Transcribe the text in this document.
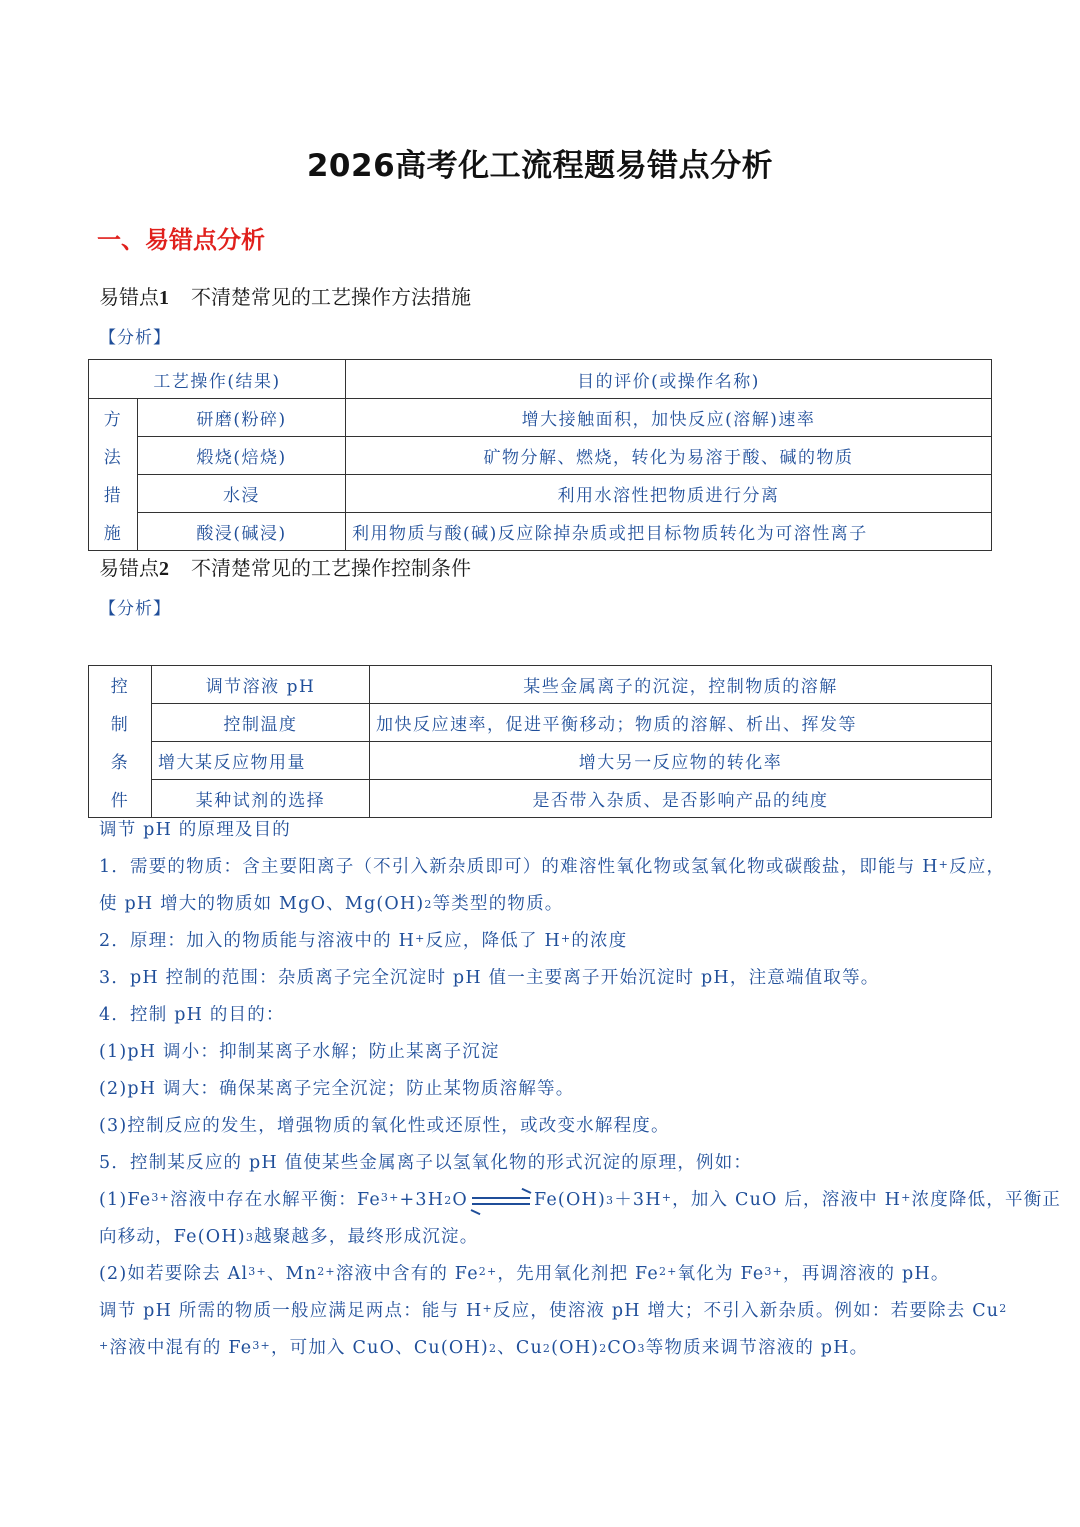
2026高考化工流程题易错点分析
一、易错点分析
易错点1 不清楚常见的工艺操作方法措施
【分析】
工艺操作(结果)		目的评价(或操作名称)

方
法
措
施	研磨(粉碎)	增大接触面积，加快反应(溶解)速率
	煅烧(焙烧)	矿物分解、燃烧，转化为易溶于酸、碱的物质
	水浸	利用水溶性把物质进行分离
	酸浸(碱浸)	利用物质与酸(碱)反应除掉杂质或把目标物质转化为可溶性离子
易错点2 不清楚常见的工艺操作控制条件
【分析】
控
制
条
件	调节溶液 pH	某些金属离子的沉淀，控制物质的溶解
	控制温度	加快反应速率，促进平衡移动；物质的溶解、析出、挥发等
	增大某反应物用量	增大另一反应物的转化率
	某种试剂的选择	是否带入杂质、是否影响产品的纯度
调节 pH 的原理及目的
1．需要的物质：含主要阳离子（不引入新杂质即可）的难溶性氧化物或氢氧化物或碳酸盐，即能与 H+反应，
使 pH 增大的物质如 MgO、Mg(OH)2等类型的物质。
2．原理：加入的物质能与溶液中的 H+反应，降低了 H+的浓度
3．pH 控制的范围：杂质离子完全沉淀时 pH 值一主要离子开始沉淀时 pH，注意端值取等。
4．控制 pH 的目的：
(1)pH 调小：抑制某离子水解；防止某离子沉淀
(2)pH 调大：确保某离子完全沉淀；防止某物质溶解等。
(3)控制反应的发生，增强物质的氧化性或还原性，或改变水解程度。
5．控制某反应的 pH 值使某些金属离子以氢氧化物的形式沉淀的原理，例如：
$(1)Fe^{3+}$溶液中存在水解平衡：$Fe^{3+}+3H2O$	Fe(OH)3＋3H+，加入 CuO 后，溶液中 H+浓度降低，平衡正
向移动，Fe(OH)3越聚越多，最终形成沉淀。
(2)如若要除去 $Al^{3+}$、$Mn^{2+}$溶液中含有的 $Fe^{2+}$，先用氧化剂把 $Fe^{2+}$氧化为 $Fe^{3+}$，再调溶液的 pH。
调节 pH 所需的物质一般应满足两点：能与 H+反应，使溶液 pH 增大；不引入新杂质。例如：若要除去 Cu$^2$
+溶液中混有的 $Fe^{3+}$，可加入 CuO、Cu(OH)2、Cu2(OH)2CO3等物质来调节溶液的 pH。
